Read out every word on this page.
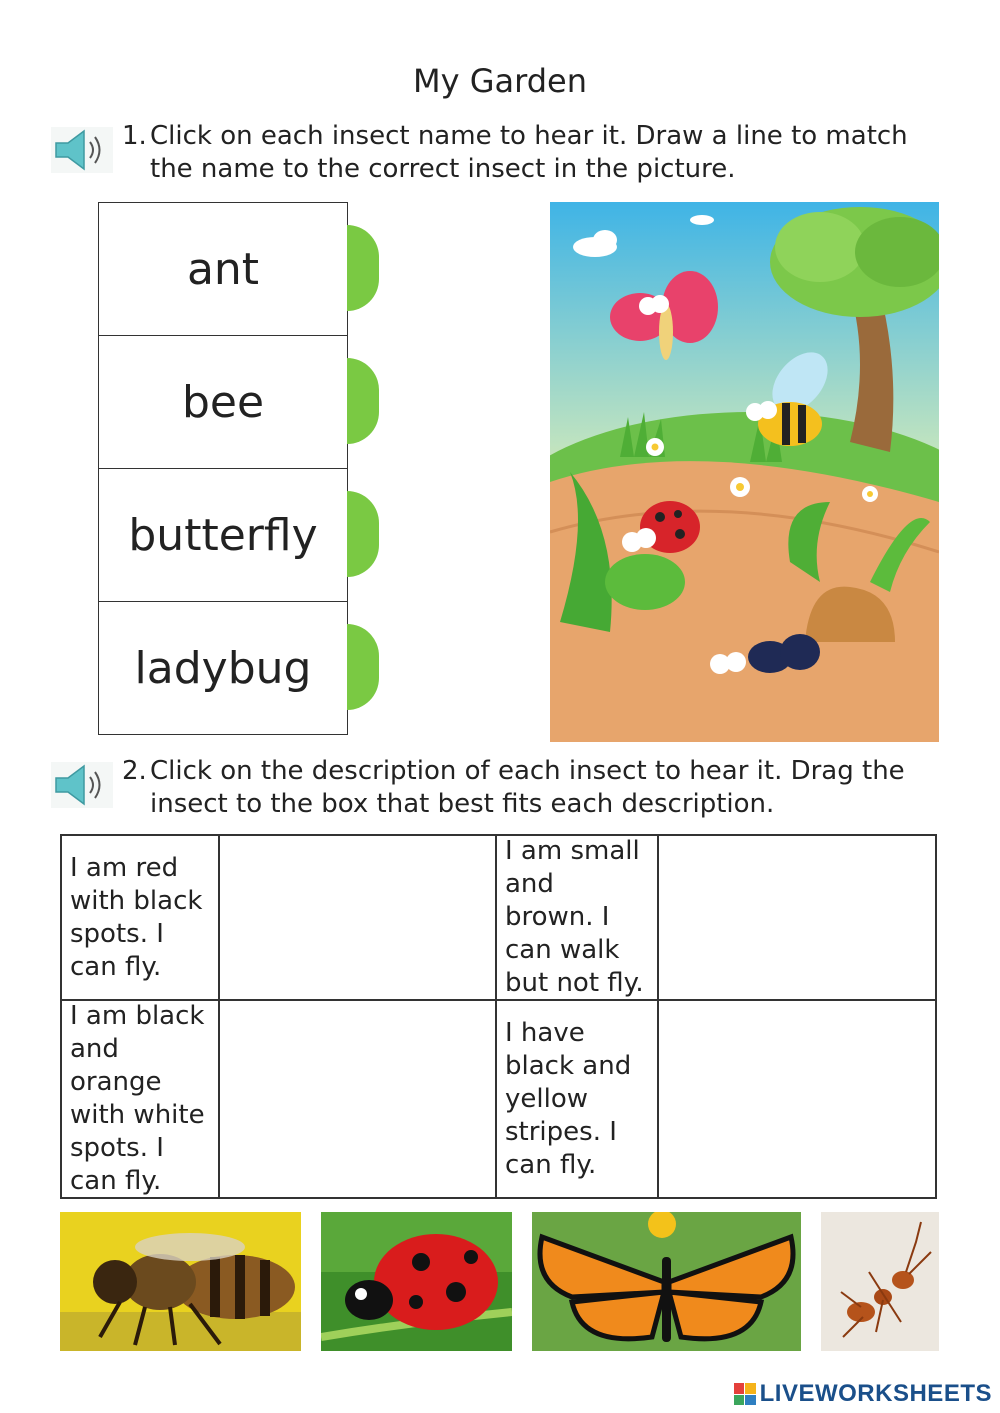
My Garden
1. Click on each insect name to hear it. Draw a line to match
the name to the correct insect in the picture.
ant
bee
butterfly
ladybug
2. Click on the description of each insect to hear it. Drag the
insect to the box that best fits each description.
I am red with black spots. I can fly.
I am small and brown. I can walk but not fly.
I am black and orange with white spots. I can fly.
I have black and yellow stripes. I can fly.
LIVEWORKSHEETS
